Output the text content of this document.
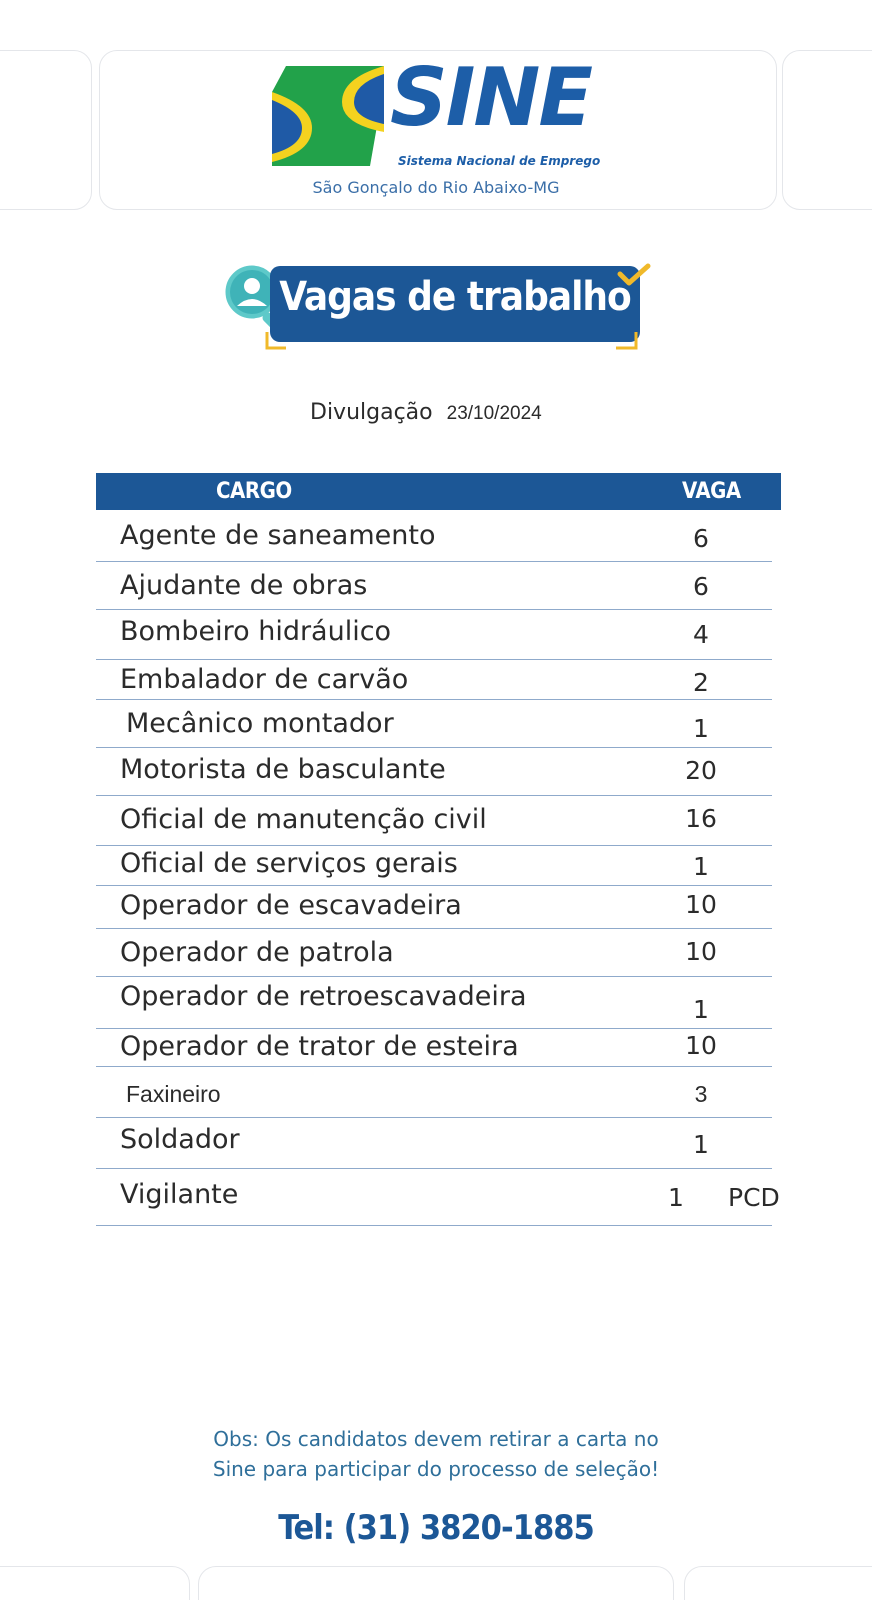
SINE
Sistema Nacional de Emprego
São Gonçalo do Rio Abaixo-MG
Vagas de trabalho
Divulgação 23/10/2024
CARGO	VAGA
Agente de saneamento	6
Ajudante de obras	6
Bombeiro hidráulico	4
Embalador de carvão	2
Mecânico montador	1
Motorista de basculante	20
Oficial de manutenção civil	16
Oficial de serviços gerais	1
Operador de escavadeira	10
Operador de patrola	10
Operador de retroescavadeira	1
Operador de trator de esteira	10
Faxineiro	3
Soldador	1
Vigilante	1	PCD
Obs: Os candidatos devem retirar a carta no
Sine para participar do processo de seleção!
Tel: (31) 3820-1885
